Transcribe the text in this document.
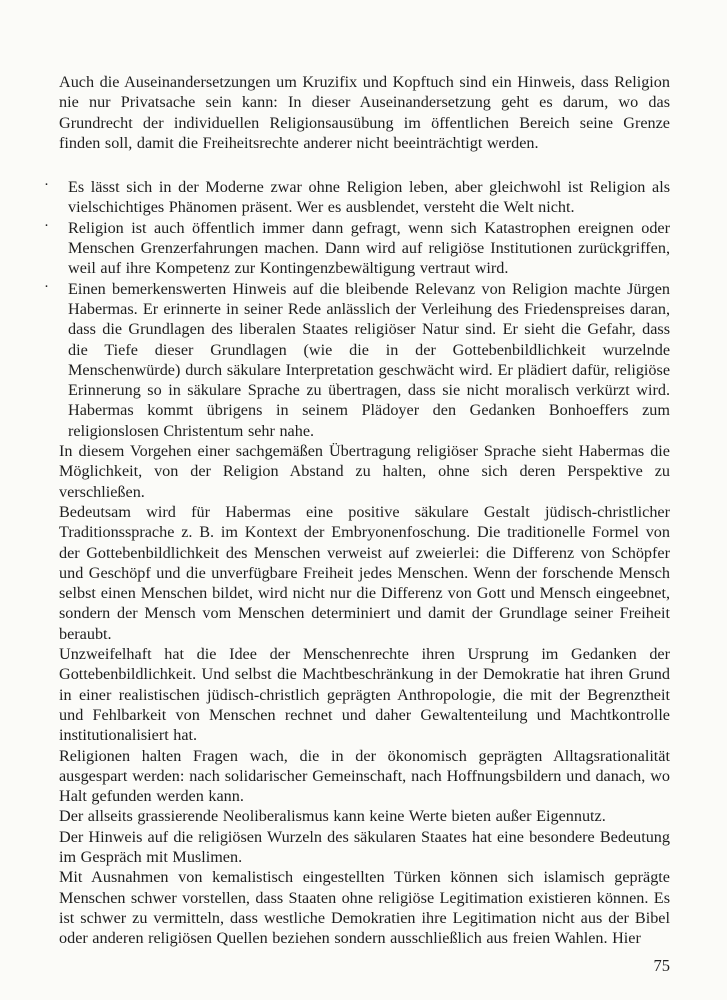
Auch die Auseinandersetzungen um Kruzifix und Kopftuch sind ein Hinweis, dass Religion nie nur Privatsache sein kann: In dieser Auseinandersetzung geht es darum, wo das Grundrecht der individuellen Religionsausübung im öffentlichen Bereich seine Grenze finden soll, damit die Freiheitsrechte anderer nicht beeinträchtigt werden.

· Es lässt sich in der Moderne zwar ohne Religion leben, aber gleichwohl ist Religion als vielschichtiges Phänomen präsent. Wer es ausblendet, versteht die Welt nicht.
· Religion ist auch öffentlich immer dann gefragt, wenn sich Katastrophen ereignen oder Menschen Grenzerfahrungen machen. Dann wird auf religiöse Institutionen zurückgriffen, weil auf ihre Kompetenz zur Kontingenzbewältigung vertraut wird.
· Einen bemerkenswerten Hinweis auf die bleibende Relevanz von Religion machte Jürgen Habermas. Er erinnerte in seiner Rede anlässlich der Verleihung des Friedenspreises daran, dass die Grundlagen des liberalen Staates religiöser Natur sind. Er sieht die Gefahr, dass die Tiefe dieser Grundlagen (wie die in der Gottebenbildlichkeit wurzelnde Menschenwürde) durch säkulare Interpretation geschwächt wird. Er plädiert dafür, religiöse Erinnerung so in säkulare Sprache zu übertragen, dass sie nicht moralisch verkürzt wird. Habermas kommt übrigens in seinem Plädoyer den Gedanken Bonhoeffers zum religionslosen Christentum sehr nahe.

In diesem Vorgehen einer sachgemäßen Übertragung religiöser Sprache sieht Habermas die Möglichkeit, von der Religion Abstand zu halten, ohne sich deren Perspektive zu verschließen.

Bedeutsam wird für Habermas eine positive säkulare Gestalt jüdisch-christlicher Traditionssprache z. B. im Kontext der Embryonenfoschung. Die traditionelle Formel von der Gottebenbildlichkeit des Menschen verweist auf zweierlei: die Differenz von Schöpfer und Geschöpf und die unverfügbare Freiheit jedes Menschen. Wenn der forschende Mensch selbst einen Menschen bildet, wird nicht nur die Differenz von Gott und Mensch eingeebnet, sondern der Mensch vom Menschen determiniert und damit der Grundlage seiner Freiheit beraubt.

Unzweifelhaft hat die Idee der Menschenrechte ihren Ursprung im Gedanken der Gottebenbildlichkeit. Und selbst die Machtbeschränkung in der Demokratie hat ihren Grund in einer realistischen jüdisch-christlich geprägten Anthropologie, die mit der Begrenztheit und Fehlbarkeit von Menschen rechnet und daher Gewaltenteilung und Machtkontrolle institutionalisiert hat.

Religionen halten Fragen wach, die in der ökonomisch geprägten Alltagsrationalität ausgespart werden: nach solidarischer Gemeinschaft, nach Hoffnungsbildern und danach, wo Halt gefunden werden kann.

Der allseits grassierende Neoliberalismus kann keine Werte bieten außer Eigennutz.

Der Hinweis auf die religiösen Wurzeln des säkularen Staates hat eine besondere Bedeutung im Gespräch mit Muslimen.

Mit Ausnahmen von kemalistisch eingestellten Türken können sich islamisch geprägte Menschen schwer vorstellen, dass Staaten ohne religiöse Legitimation existieren können. Es ist schwer zu vermitteln, dass westliche Demokratien ihre Legitimation nicht aus der Bibel oder anderen religiösen Quellen beziehen sondern ausschließlich aus freien Wahlen. Hier

75
